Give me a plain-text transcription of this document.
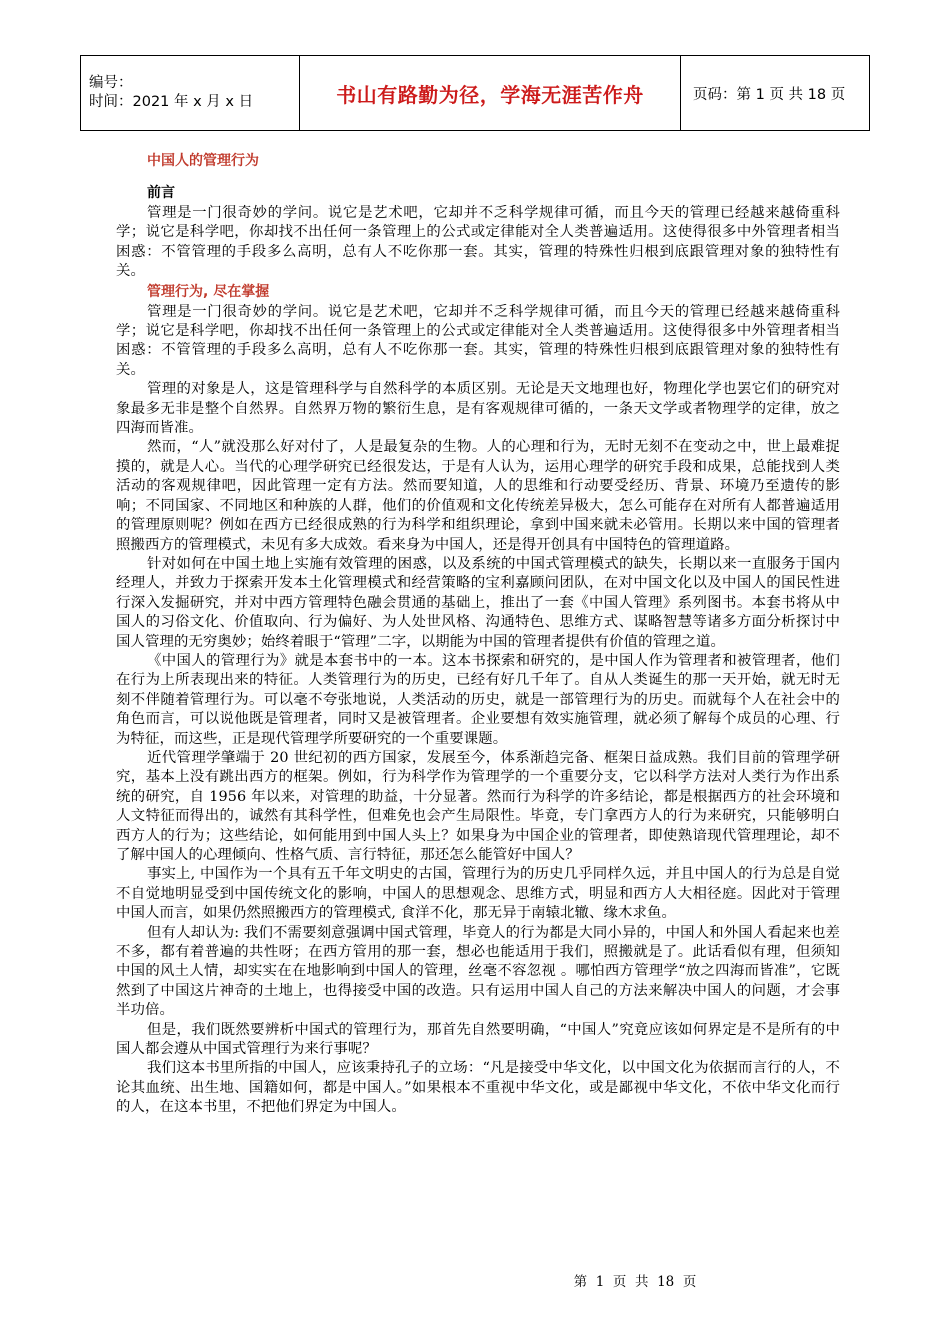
编号：
时间：2021 年 x 月 x 日	书山有路勤为径，学海无涯苦作舟	页码：第 1 页 共 18 页
中国人的管理行为
前言

管理是一门很奇妙的学问。说它是艺术吧，它却并不乏科学规律可循，而且今天的管理已经越来越倚重科学；说它是科学吧，你却找不出任何一条管理上的公式或定律能对全人类普遍适用。这使得很多中外管理者相当困惑：不管管理的手段多么高明，总有人不吃你那一套。其实，管理的特殊性归根到底跟管理对象的独特性有关。

管理行为, 尽在掌握

管理是一门很奇妙的学问。说它是艺术吧，它却并不乏科学规律可循，而且今天的管理已经越来越倚重科学；说它是科学吧，你却找不出任何一条管理上的公式或定律能对全人类普遍适用。这使得很多中外管理者相当困惑：不管管理的手段多么高明，总有人不吃你那一套。其实，管理的特殊性归根到底跟管理对象的独特性有关。

管理的对象是人，这是管理科学与自然科学的本质区别。无论是天文地理也好，物理化学也罢它们的研究对象最多无非是整个自然界。自然界万物的繁衍生息，是有客观规律可循的，一条天文学或者物理学的定律，放之四海而皆准。

然而，“人”就没那么好对付了，人是最复杂的生物。人的心理和行为，无时无刻不在变动之中，世上最难捉摸的，就是人心。当代的心理学研究已经很发达，于是有人认为，运用心理学的研究手段和成果，总能找到人类活动的客观规律吧，因此管理一定有方法。然而要知道，人的思维和行动要受经历、背景、环境乃至遗传的影响；不同国家、不同地区和种族的人群，他们的价值观和文化传统差异极大，怎么可能存在对所有人都普遍适用的管理原则呢？例如在西方已经很成熟的行为科学和组织理论，拿到中国来就未必管用。长期以来中国的管理者照搬西方的管理模式，未见有多大成效。看来身为中国人，还是得开创具有中国特色的管理道路。

针对如何在中国土地上实施有效管理的困惑，以及系统的中国式管理模式的缺失，长期以来一直服务于国内经理人，并致力于探索开发本土化管理模式和经营策略的宝利嘉顾问团队，在对中国文化以及中国人的国民性进行深入发掘研究，并对中西方管理特色融会贯通的基础上，推出了一套《中国人管理》系列图书。本套书将从中国人的习俗文化、价值取向、行为偏好、为人处世风格、沟通特色、思维方式、谋略智慧等诸多方面分析探讨中国人管理的无穷奥妙；始终着眼于“管理”二字，以期能为中国的管理者提供有价值的管理之道。

《中国人的管理行为》就是本套书中的一本。这本书探索和研究的，是中国人作为管理者和被管理者，他们在行为上所表现出来的特征。人类管理行为的历史，已经有好几千年了。自从人类诞生的那一天开始，就无时无刻不伴随着管理行为。可以毫不夸张地说，人类活动的历史，就是一部管理行为的历史。而就每个人在社会中的角色而言，可以说他既是管理者，同时又是被管理者。企业要想有效实施管理，就必须了解每个成员的心理、行为特征，而这些，正是现代管理学所要研究的一个重要课题。

近代管理学肇端于 20 世纪初的西方国家，发展至今，体系渐趋完备、框架日益成熟。我们目前的管理学研究，基本上没有跳出西方的框架。例如，行为科学作为管理学的一个重要分支，它以科学方法对人类行为作出系统的研究，自 1956 年以来，对管理的助益，十分显著。然而行为科学的许多结论，都是根据西方的社会环境和人文特征而得出的，诚然有其科学性，但难免也会产生局限性。毕竟，专门拿西方人的行为来研究，只能够明白西方人的行为；这些结论，如何能用到中国人头上？如果身为中国企业的管理者，即使熟谙现代管理理论，却不了解中国人的心理倾向、性格气质、言行特征，那还怎么能管好中国人？

事实上, 中国作为一个具有五千年文明史的古国，管理行为的历史几乎同样久远，并且中国人的行为总是自觉不自觉地明显受到中国传统文化的影响，中国人的思想观念、思维方式，明显和西方人大相径庭。因此对于管理中国人而言，如果仍然照搬西方的管理模式, 食洋不化，那无异于南辕北辙、缘木求鱼。

但有人却认为: 我们不需要刻意强调中国式管理，毕竟人的行为都是大同小异的，中国人和外国人看起来也差不多，都有着普遍的共性呀；在西方管用的那一套，想必也能适用于我们，照搬就是了。此话看似有理，但须知中国的风土人情，却实实在在地影响到中国人的管理，丝毫不容忽视 。哪怕西方管理学“放之四海而皆准”，它既然到了中国这片神奇的土地上，也得接受中国的改造。只有运用中国人自己的方法来解决中国人的问题，才会事半功倍。

但是，我们既然要辨析中国式的管理行为，那首先自然要明确，“中国人”究竟应该如何界定是不是所有的中国人都会遵从中国式管理行为来行事呢？

我们这本书里所指的中国人，应该秉持孔子的立场：“凡是接受中华文化，以中国文化为依据而言行的人，不论其血统、出生地、国籍如何，都是中国人。”如果根本不重视中华文化，或是鄙视中华文化，不依中华文化而行的人，在这本书里，不把他们界定为中国人。

第  1  页  共  18  页
